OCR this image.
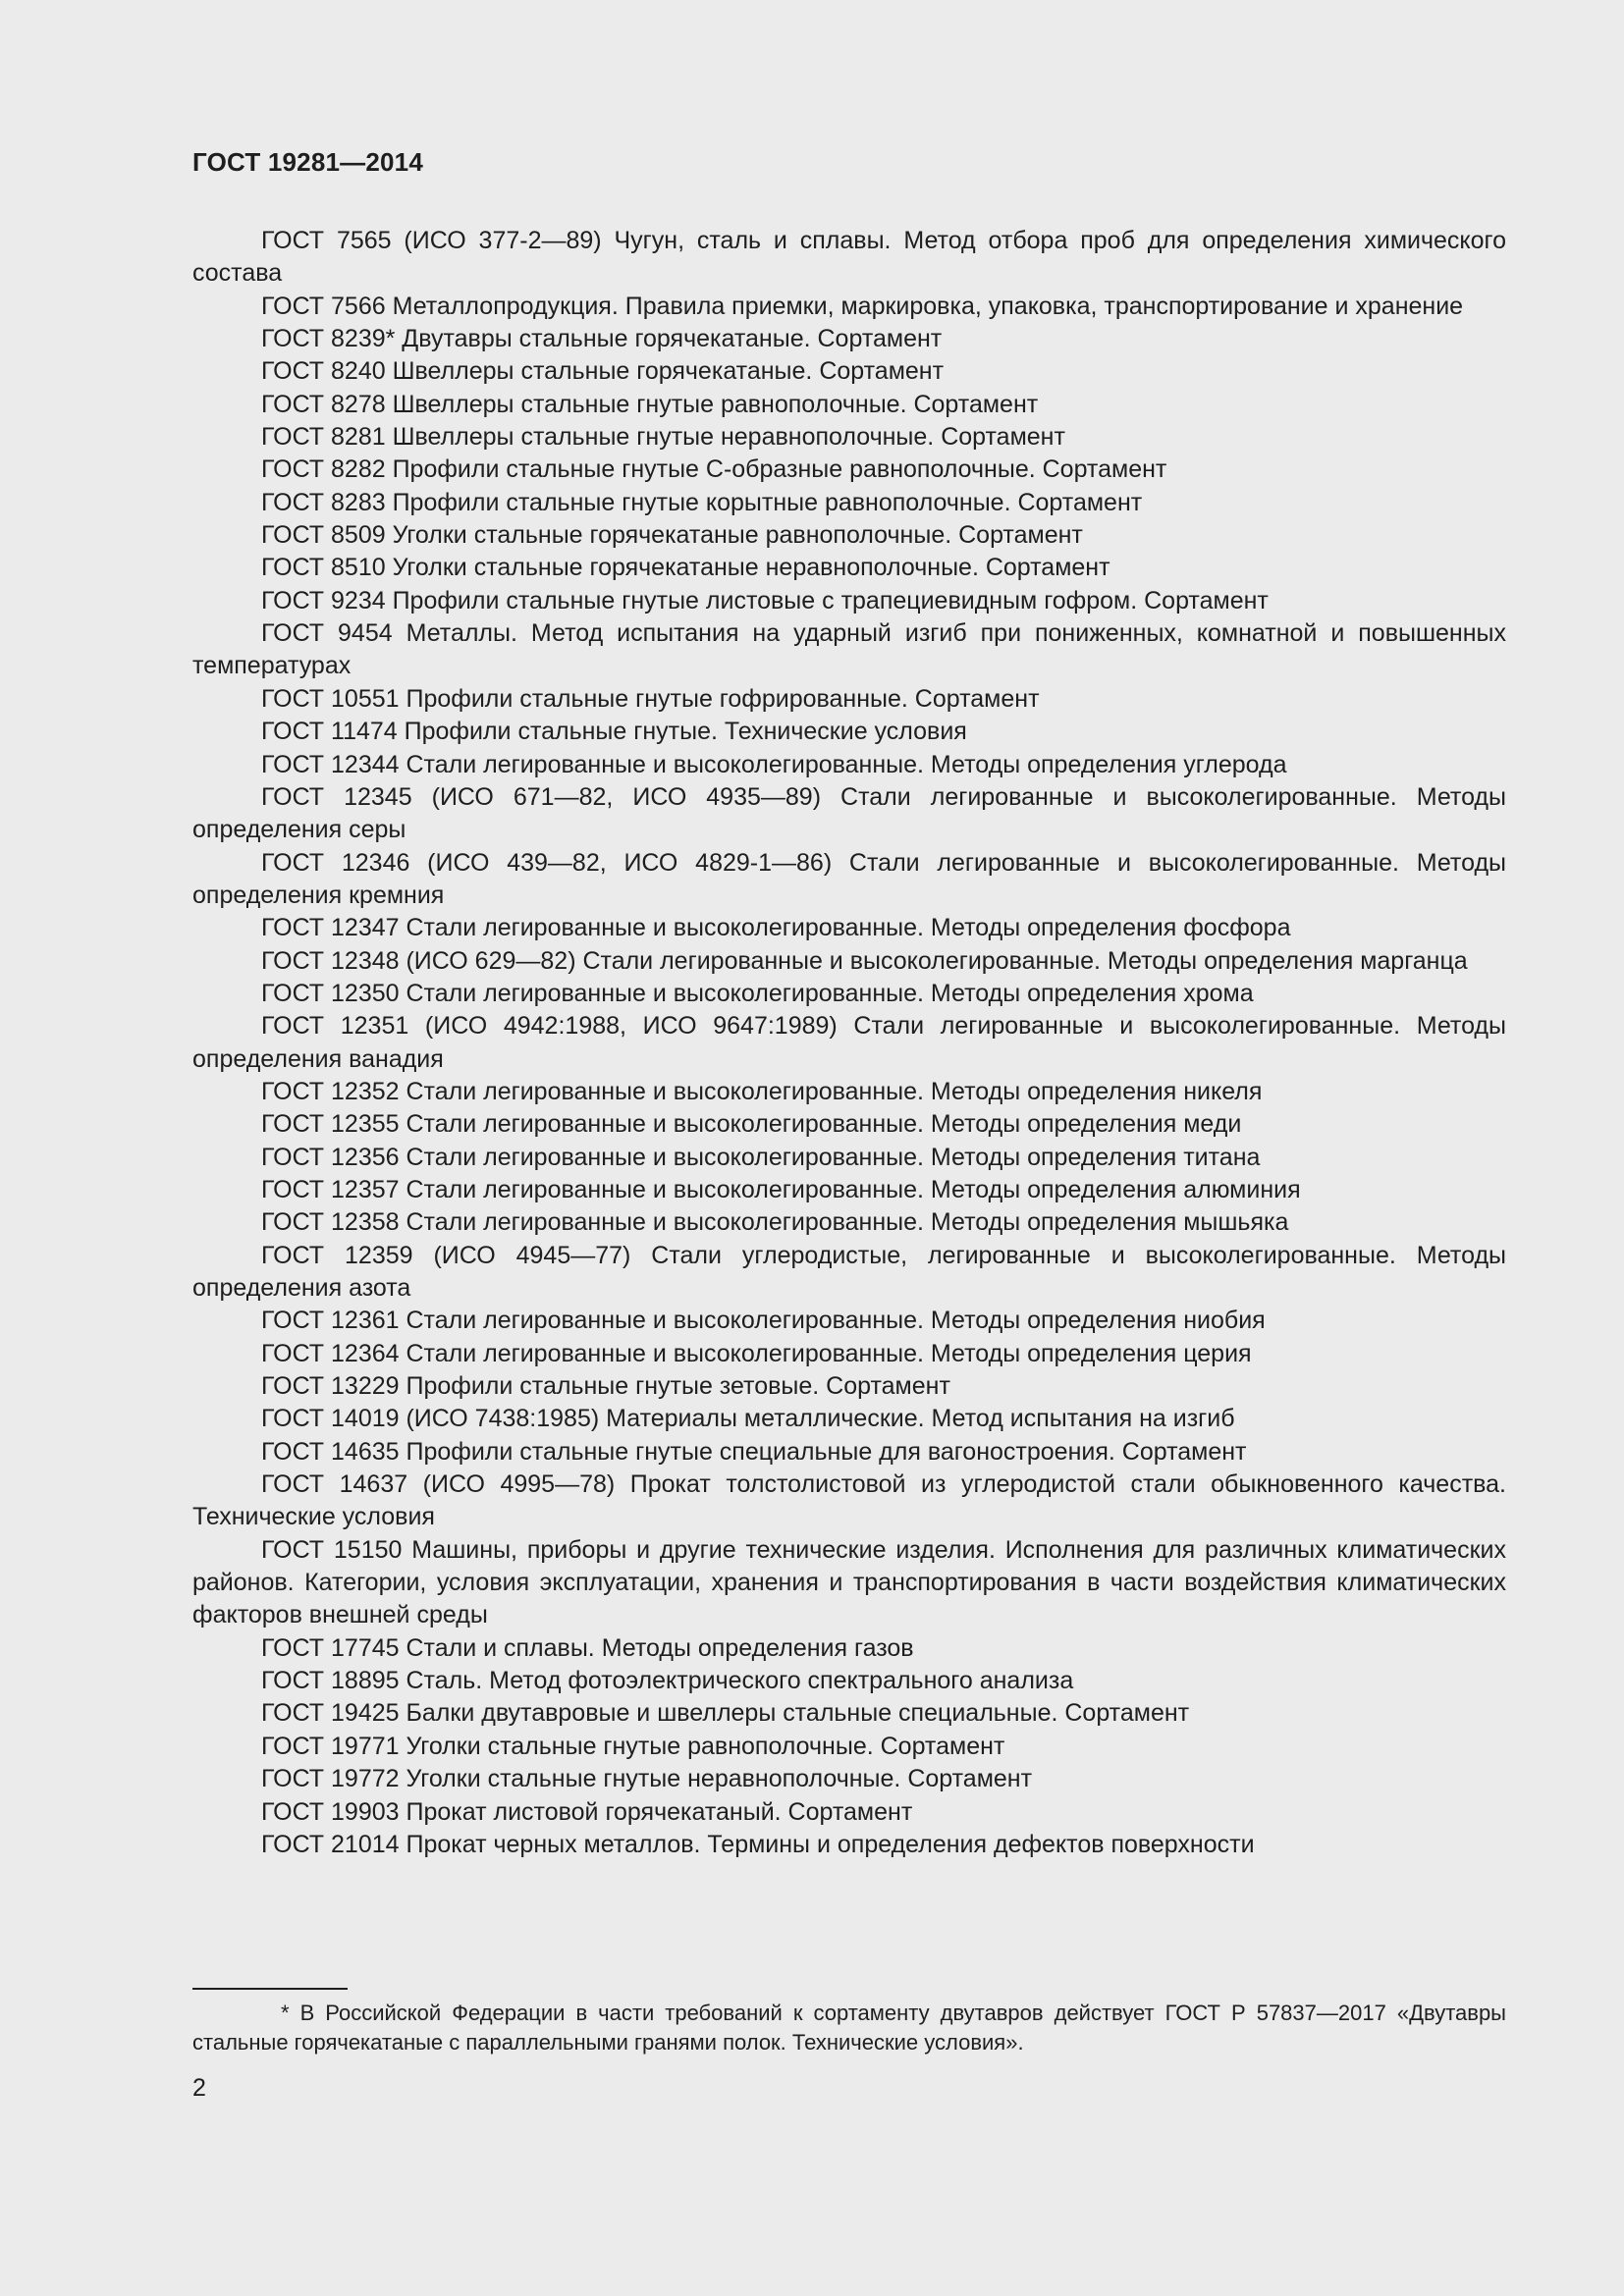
ГОСТ 19281—2014

ГОСТ 7565 (ИСО 377-2—89) Чугун, сталь и сплавы. Метод отбора проб для определения химического состава

ГОСТ 7566 Металлопродукция. Правила приемки, маркировка, упаковка, транспортирование и хранение

ГОСТ 8239* Двутавры стальные горячекатаные. Сортамент

ГОСТ 8240 Швеллеры стальные горячекатаные. Сортамент

ГОСТ 8278 Швеллеры стальные гнутые равнополочные. Сортамент

ГОСТ 8281 Швеллеры стальные гнутые неравнополочные. Сортамент

ГОСТ 8282 Профили стальные гнутые С-образные равнополочные. Сортамент

ГОСТ 8283 Профили стальные гнутые корытные равнополочные. Сортамент

ГОСТ 8509 Уголки стальные горячекатаные равнополочные. Сортамент

ГОСТ 8510 Уголки стальные горячекатаные неравнополочные. Сортамент

ГОСТ 9234 Профили стальные гнутые листовые с трапециевидным гофром. Сортамент

ГОСТ 9454 Металлы. Метод испытания на ударный изгиб при пониженных, комнатной и повышенных температурах

ГОСТ 10551 Профили стальные гнутые гофрированные. Сортамент

ГОСТ 11474 Профили стальные гнутые. Технические условия

ГОСТ 12344 Стали легированные и высоколегированные. Методы определения углерода

ГОСТ 12345 (ИСО 671—82, ИСО 4935—89) Стали легированные и высоколегированные. Методы определения серы

ГОСТ 12346 (ИСО 439—82, ИСО 4829-1—86) Стали легированные и высоколегированные. Методы определения кремния

ГОСТ 12347 Стали легированные и высоколегированные. Методы определения фосфора

ГОСТ 12348 (ИСО 629—82) Стали легированные и высоколегированные. Методы определения марганца

ГОСТ 12350 Стали легированные и высоколегированные. Методы определения хрома

ГОСТ 12351 (ИСО 4942:1988, ИСО 9647:1989) Стали легированные и высоколегированные. Методы определения ванадия

ГОСТ 12352 Стали легированные и высоколегированные. Методы определения никеля

ГОСТ 12355 Стали легированные и высоколегированные. Методы определения меди

ГОСТ 12356 Стали легированные и высоколегированные. Методы определения титана

ГОСТ 12357 Стали легированные и высоколегированные. Методы определения алюминия

ГОСТ 12358 Стали легированные и высоколегированные. Методы определения мышьяка

ГОСТ 12359 (ИСО 4945—77) Стали углеродистые, легированные и высоколегированные. Методы определения азота

ГОСТ 12361 Стали легированные и высоколегированные. Методы определения ниобия

ГОСТ 12364 Стали легированные и высоколегированные. Методы определения церия

ГОСТ 13229 Профили стальные гнутые зетовые. Сортамент

ГОСТ 14019 (ИСО 7438:1985) Материалы металлические. Метод испытания на изгиб

ГОСТ 14635 Профили стальные гнутые специальные для вагоностроения. Сортамент

ГОСТ 14637 (ИСО 4995—78) Прокат толстолистовой из углеродистой стали обыкновенного качества. Технические условия

ГОСТ 15150 Машины, приборы и другие технические изделия. Исполнения для различных климатических районов. Категории, условия эксплуатации, хранения и транспортирования в части воздействия климатических факторов внешней среды

ГОСТ 17745 Стали и сплавы. Методы определения газов

ГОСТ 18895 Сталь. Метод фотоэлектрического спектрального анализа

ГОСТ 19425 Балки двутавровые и швеллеры стальные специальные. Сортамент

ГОСТ 19771 Уголки стальные гнутые равнополочные. Сортамент

ГОСТ 19772 Уголки стальные гнутые неравнополочные. Сортамент

ГОСТ 19903 Прокат листовой горячекатаный. Сортамент

ГОСТ 21014 Прокат черных металлов. Термины и определения дефектов поверхности

* В Российской Федерации в части требований к сортаменту двутавров действует ГОСТ Р 57837—2017 «Двутавры стальные горячекатаные с параллельными гранями полок. Технические условия».
2
